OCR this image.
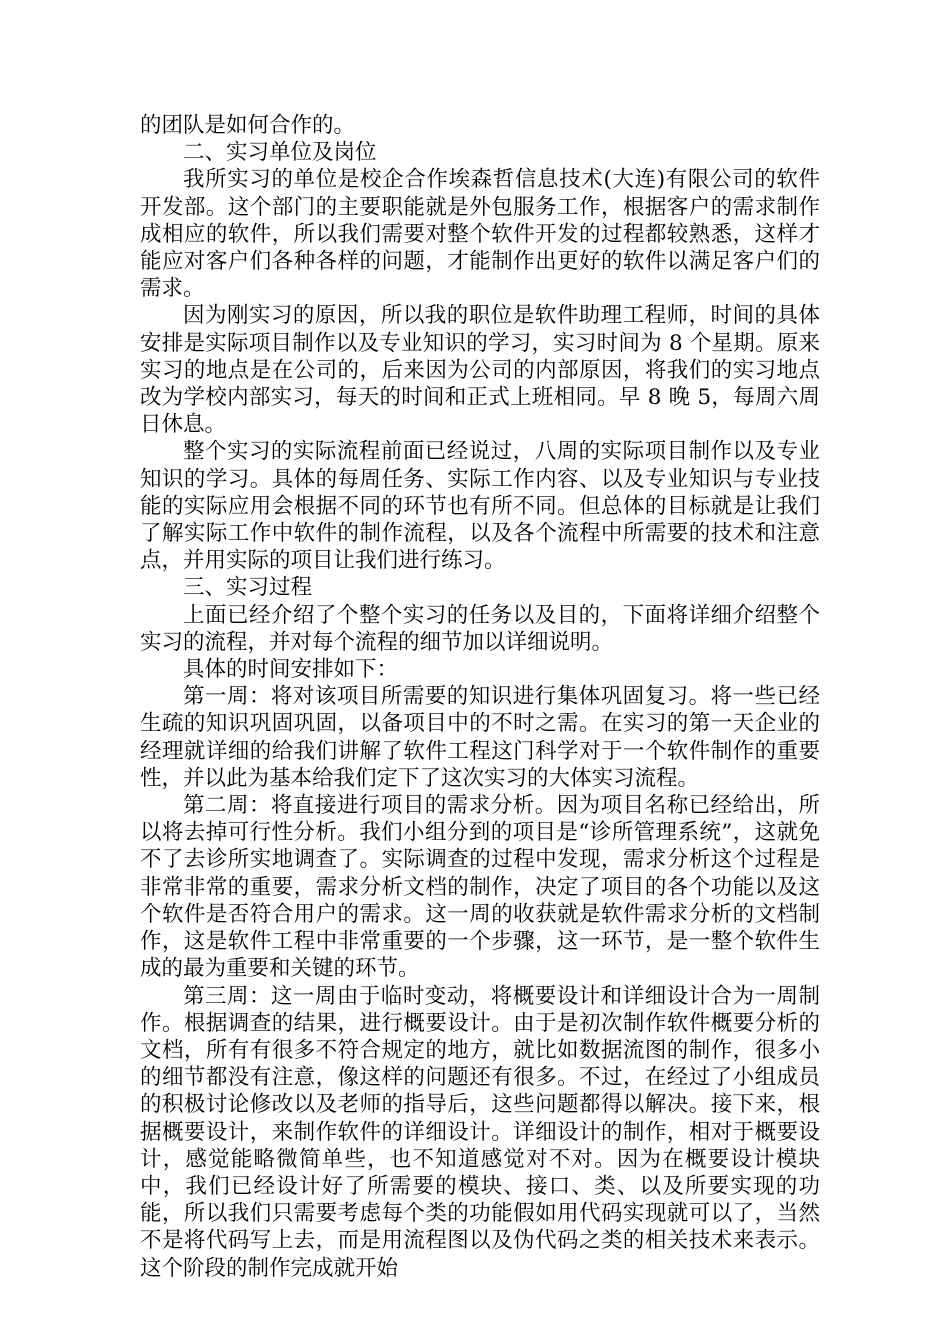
的团队是如何合作的。

二、实习单位及岗位

我所实习的单位是校企合作埃森哲信息技术(大连)有限公司的软件开发部。这个部门的主要职能就是外包服务工作，根据客户的需求制作成相应的软件，所以我们需要对整个软件开发的过程都较熟悉，这样才能应对客户们各种各样的问题，才能制作出更好的软件以满足客户们的需求。

因为刚实习的原因，所以我的职位是软件助理工程师，时间的具体安排是实际项目制作以及专业知识的学习，实习时间为 8 个星期。原来实习的地点是在公司的，后来因为公司的内部原因，将我们的实习地点改为学校内部实习，每天的时间和正式上班相同。早 8 晚 5，每周六周日休息。

整个实习的实际流程前面已经说过，八周的实际项目制作以及专业知识的学习。具体的每周任务、实际工作内容、以及专业知识与专业技能的实际应用会根据不同的环节也有所不同。但总体的目标就是让我们了解实际工作中软件的制作流程，以及各个流程中所需要的技术和注意点，并用实际的项目让我们进行练习。

三、实习过程

上面已经介绍了个整个实习的任务以及目的，下面将详细介绍整个实习的流程，并对每个流程的细节加以详细说明。

具体的时间安排如下：

第一周：将对该项目所需要的知识进行集体巩固复习。将一些已经生疏的知识巩固巩固，以备项目中的不时之需。在实习的第一天企业的经理就详细的给我们讲解了软件工程这门科学对于一个软件制作的重要性，并以此为基本给我们定下了这次实习的大体实习流程。

第二周：将直接进行项目的需求分析。因为项目名称已经给出，所以将去掉可行性分析。我们小组分到的项目是“诊所管理系统”，这就免不了去诊所实地调查了。实际调查的过程中发现，需求分析这个过程是非常非常的重要，需求分析文档的制作，决定了项目的各个功能以及这个软件是否符合用户的需求。这一周的收获就是软件需求分析的文档制作，这是软件工程中非常重要的一个步骤，这一环节，是一整个软件生成的最为重要和关键的环节。

第三周：这一周由于临时变动，将概要设计和详细设计合为一周制作。根据调查的结果，进行概要设计。由于是初次制作软件概要分析的文档，所有有很多不符合规定的地方，就比如数据流图的制作，很多小的细节都没有注意，像这样的问题还有很多。不过，在经过了小组成员的积极讨论修改以及老师的指导后，这些问题都得以解决。接下来，根据概要设计，来制作软件的详细设计。详细设计的制作，相对于概要设计，感觉能略微简单些，也不知道感觉对不对。因为在概要设计模块中，我们已经设计好了所需要的模块、接口、类、以及所要实现的功能，所以我们只需要考虑每个类的功能假如用代码实现就可以了，当然不是将代码写上去，而是用流程图以及伪代码之类的相关技术来表示。这个阶段的制作完成就开始
